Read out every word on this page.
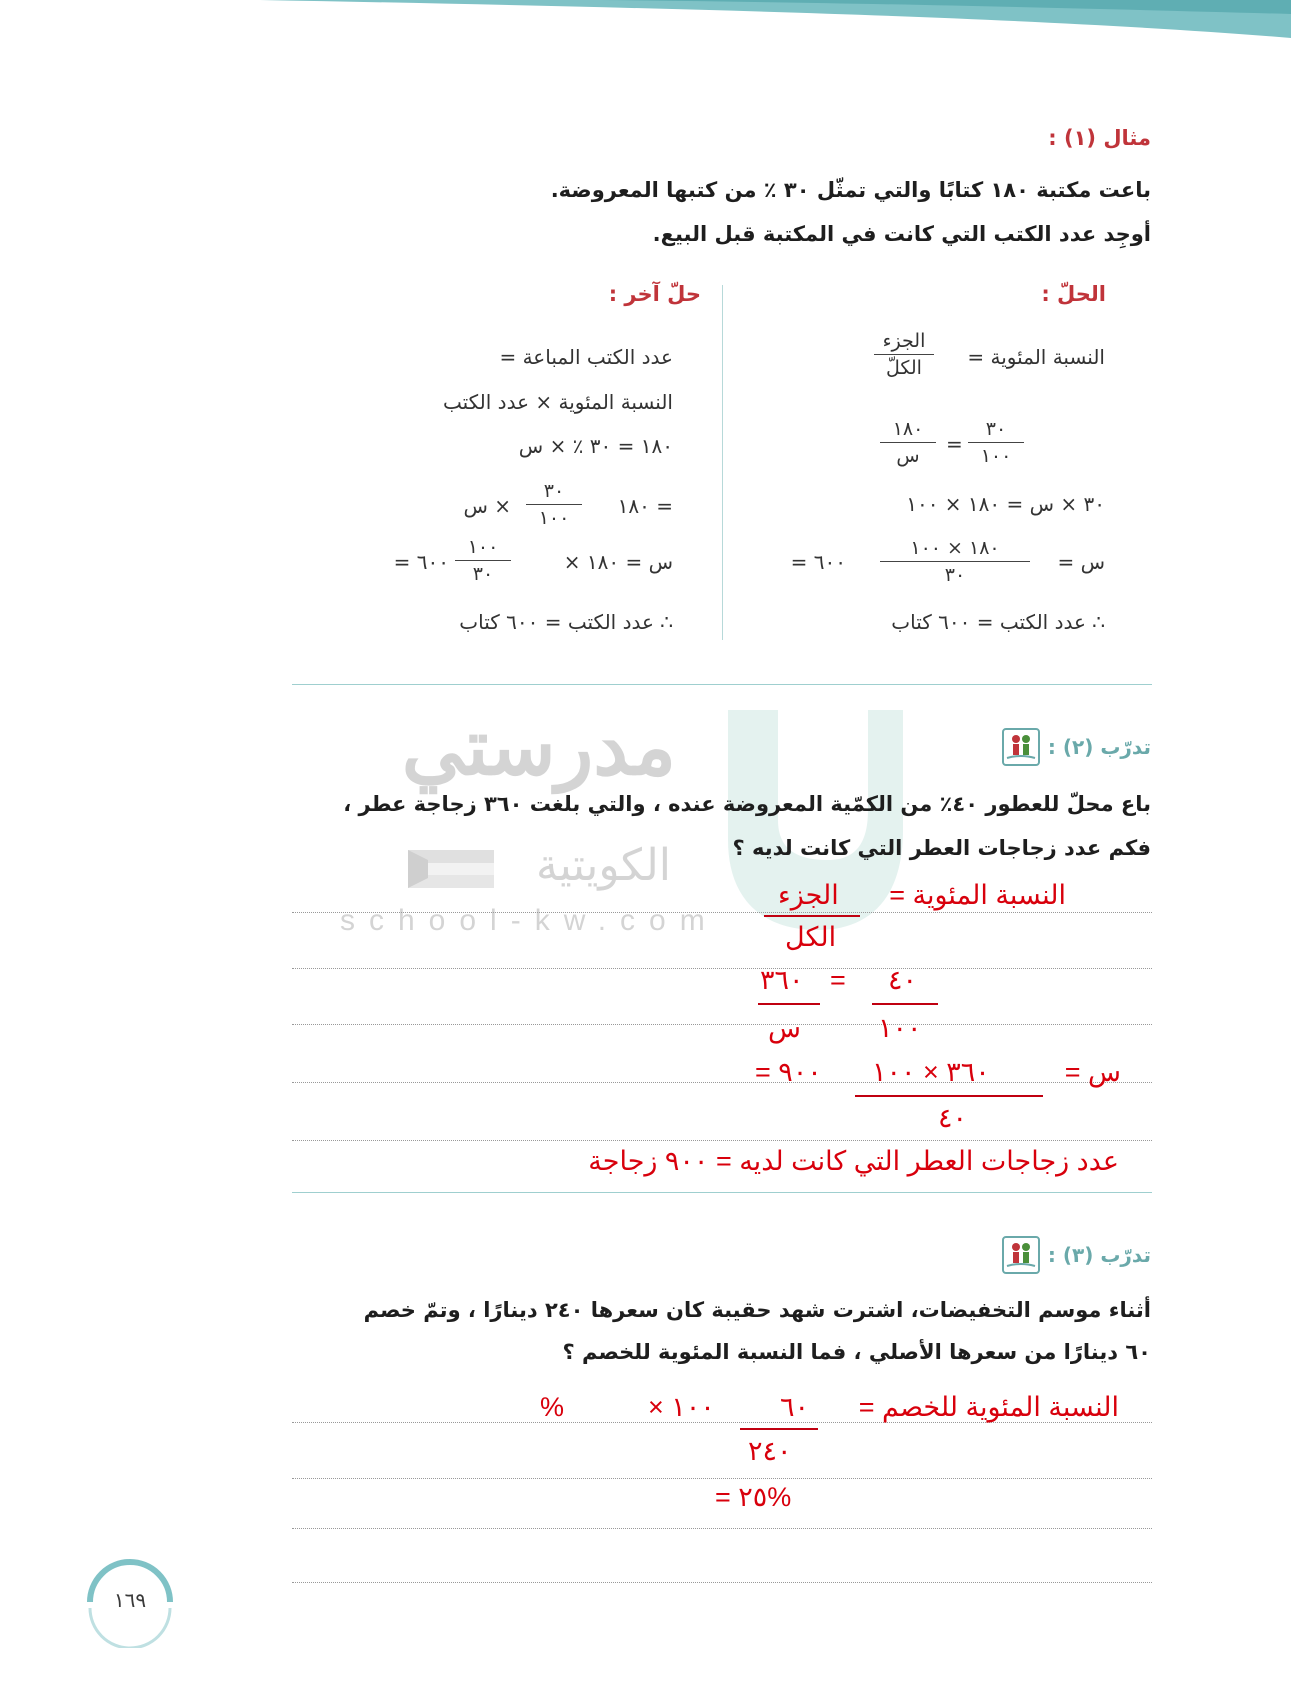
مدرستي
الكويتية
school-kw.com
مثال (١) :
باعت مكتبة ١٨٠ كتابًا والتي تمثّل ٣٠ ٪ من كتبها المعروضة.
أوجِد عدد الكتب التي كانت في المكتبة قبل البيع.
الحلّ :
النسبة المئوية =
الجزء
الكلّ
١٨٠
س	=
٣٠
١٠٠
٣٠ × س = ١٨٠ × ١٠٠
س =
١٨٠ × ١٠٠
٣٠
= ٦٠٠
∴ عدد الكتب = ٦٠٠ كتاب
حلّ آخر :
عدد الكتب المباعة =
النسبة المئوية × عدد الكتب
١٨٠ = ٣٠ ٪ × س
١٨٠ =
٣٠
١٠٠
× س
س = ١٨٠ ×
١٠٠
٣٠
= ٦٠٠
∴ عدد الكتب = ٦٠٠ كتاب
تدرّب (٢) :
باع محلّ للعطور ٤٠٪ من الكمّية المعروضة عنده ، والتي بلغت ٣٦٠ زجاجة عطر ،
فكم عدد زجاجات العطر التي كانت لديه ؟
النسبة المئوية =
الجزء
الكل
٣٦٠ = ٤٠
س	١٠٠
س =
٣٦٠ × ١٠٠
= ٩٠٠
٤٠
عدد زجاجات العطر التي كانت لديه = ٩٠٠ زجاجة
تدرّب (٣) :
أثناء موسم التخفيضات، اشترت شهد حقيبة كان سعرها ٢٤٠ دينارًا ، وتمّ خصم
٦٠ دينارًا من سعرها الأصلي ، فما النسبة المئوية للخصم ؟
النسبة المئوية للخصم =
٦٠
× ١٠٠
%
٢٤٠
= ٢٥%
١٦٩
